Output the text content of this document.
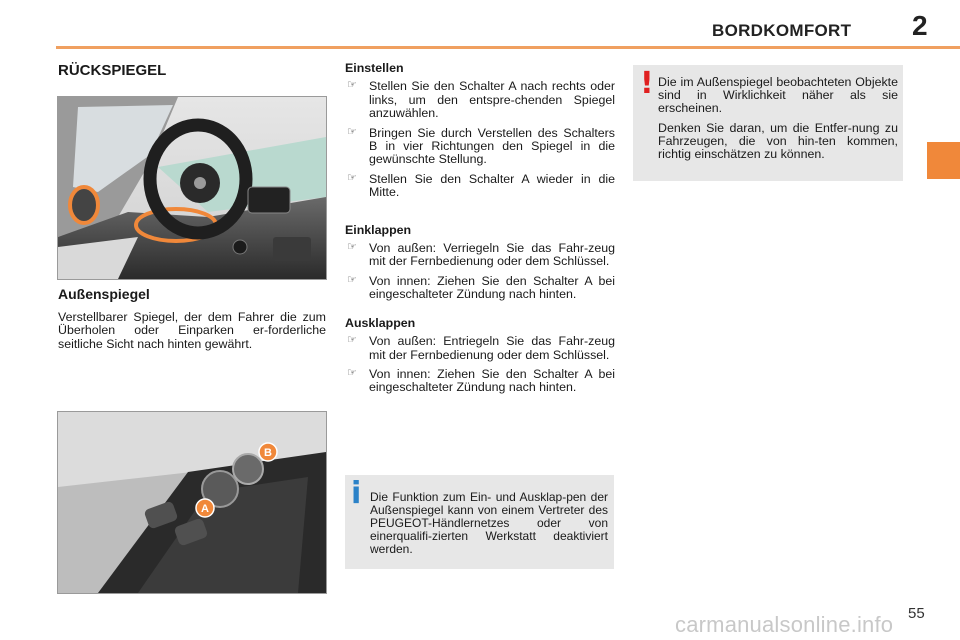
BORDKOMFORT 2
RÜCKSPIEGEL
Außenspiegel
Verstellbarer Spiegel, der dem Fahrer die zum Überholen oder Einparken er-forderliche seitliche Sicht nach hinten gewährt.
B
A
Einstellen
☞ Stellen Sie den Schalter A nach rechts oder links, um den entspre-chenden Spiegel anzuwählen.
☞ Bringen Sie durch Verstellen des Schalters B in vier Richtungen den Spiegel in die gewünschte Stellung.
☞ Stellen Sie den Schalter A wieder in die Mitte.
Einklappen
☞ Von außen: Verriegeln Sie das Fahr-zeug mit der Fernbedienung oder dem Schlüssel.
☞ Von innen: Ziehen Sie den Schalter A bei eingeschalteter Zündung nach hinten.
Ausklappen
☞ Von außen: Entriegeln Sie das Fahr-zeug mit der Fernbedienung oder dem Schlüssel.
☞ Von innen: Ziehen Sie den Schalter A bei eingeschalteter Zündung nach hinten.
i Die Funktion zum Ein- und Ausklap-pen der Außenspiegel kann von einem Vertreter des PEUGEOT-Händlernetzes oder von einerqualifi-zierten Werkstatt deaktiviert werden.
! Die im Außenspiegel beobachteten Objekte sind in Wirklichkeit näher als sie erscheinen.

Denken Sie daran, um die Entfer-nung zu Fahrzeugen, die von hin-ten kommen, richtig einschätzen zu können.

carmanualsonline.info 55
